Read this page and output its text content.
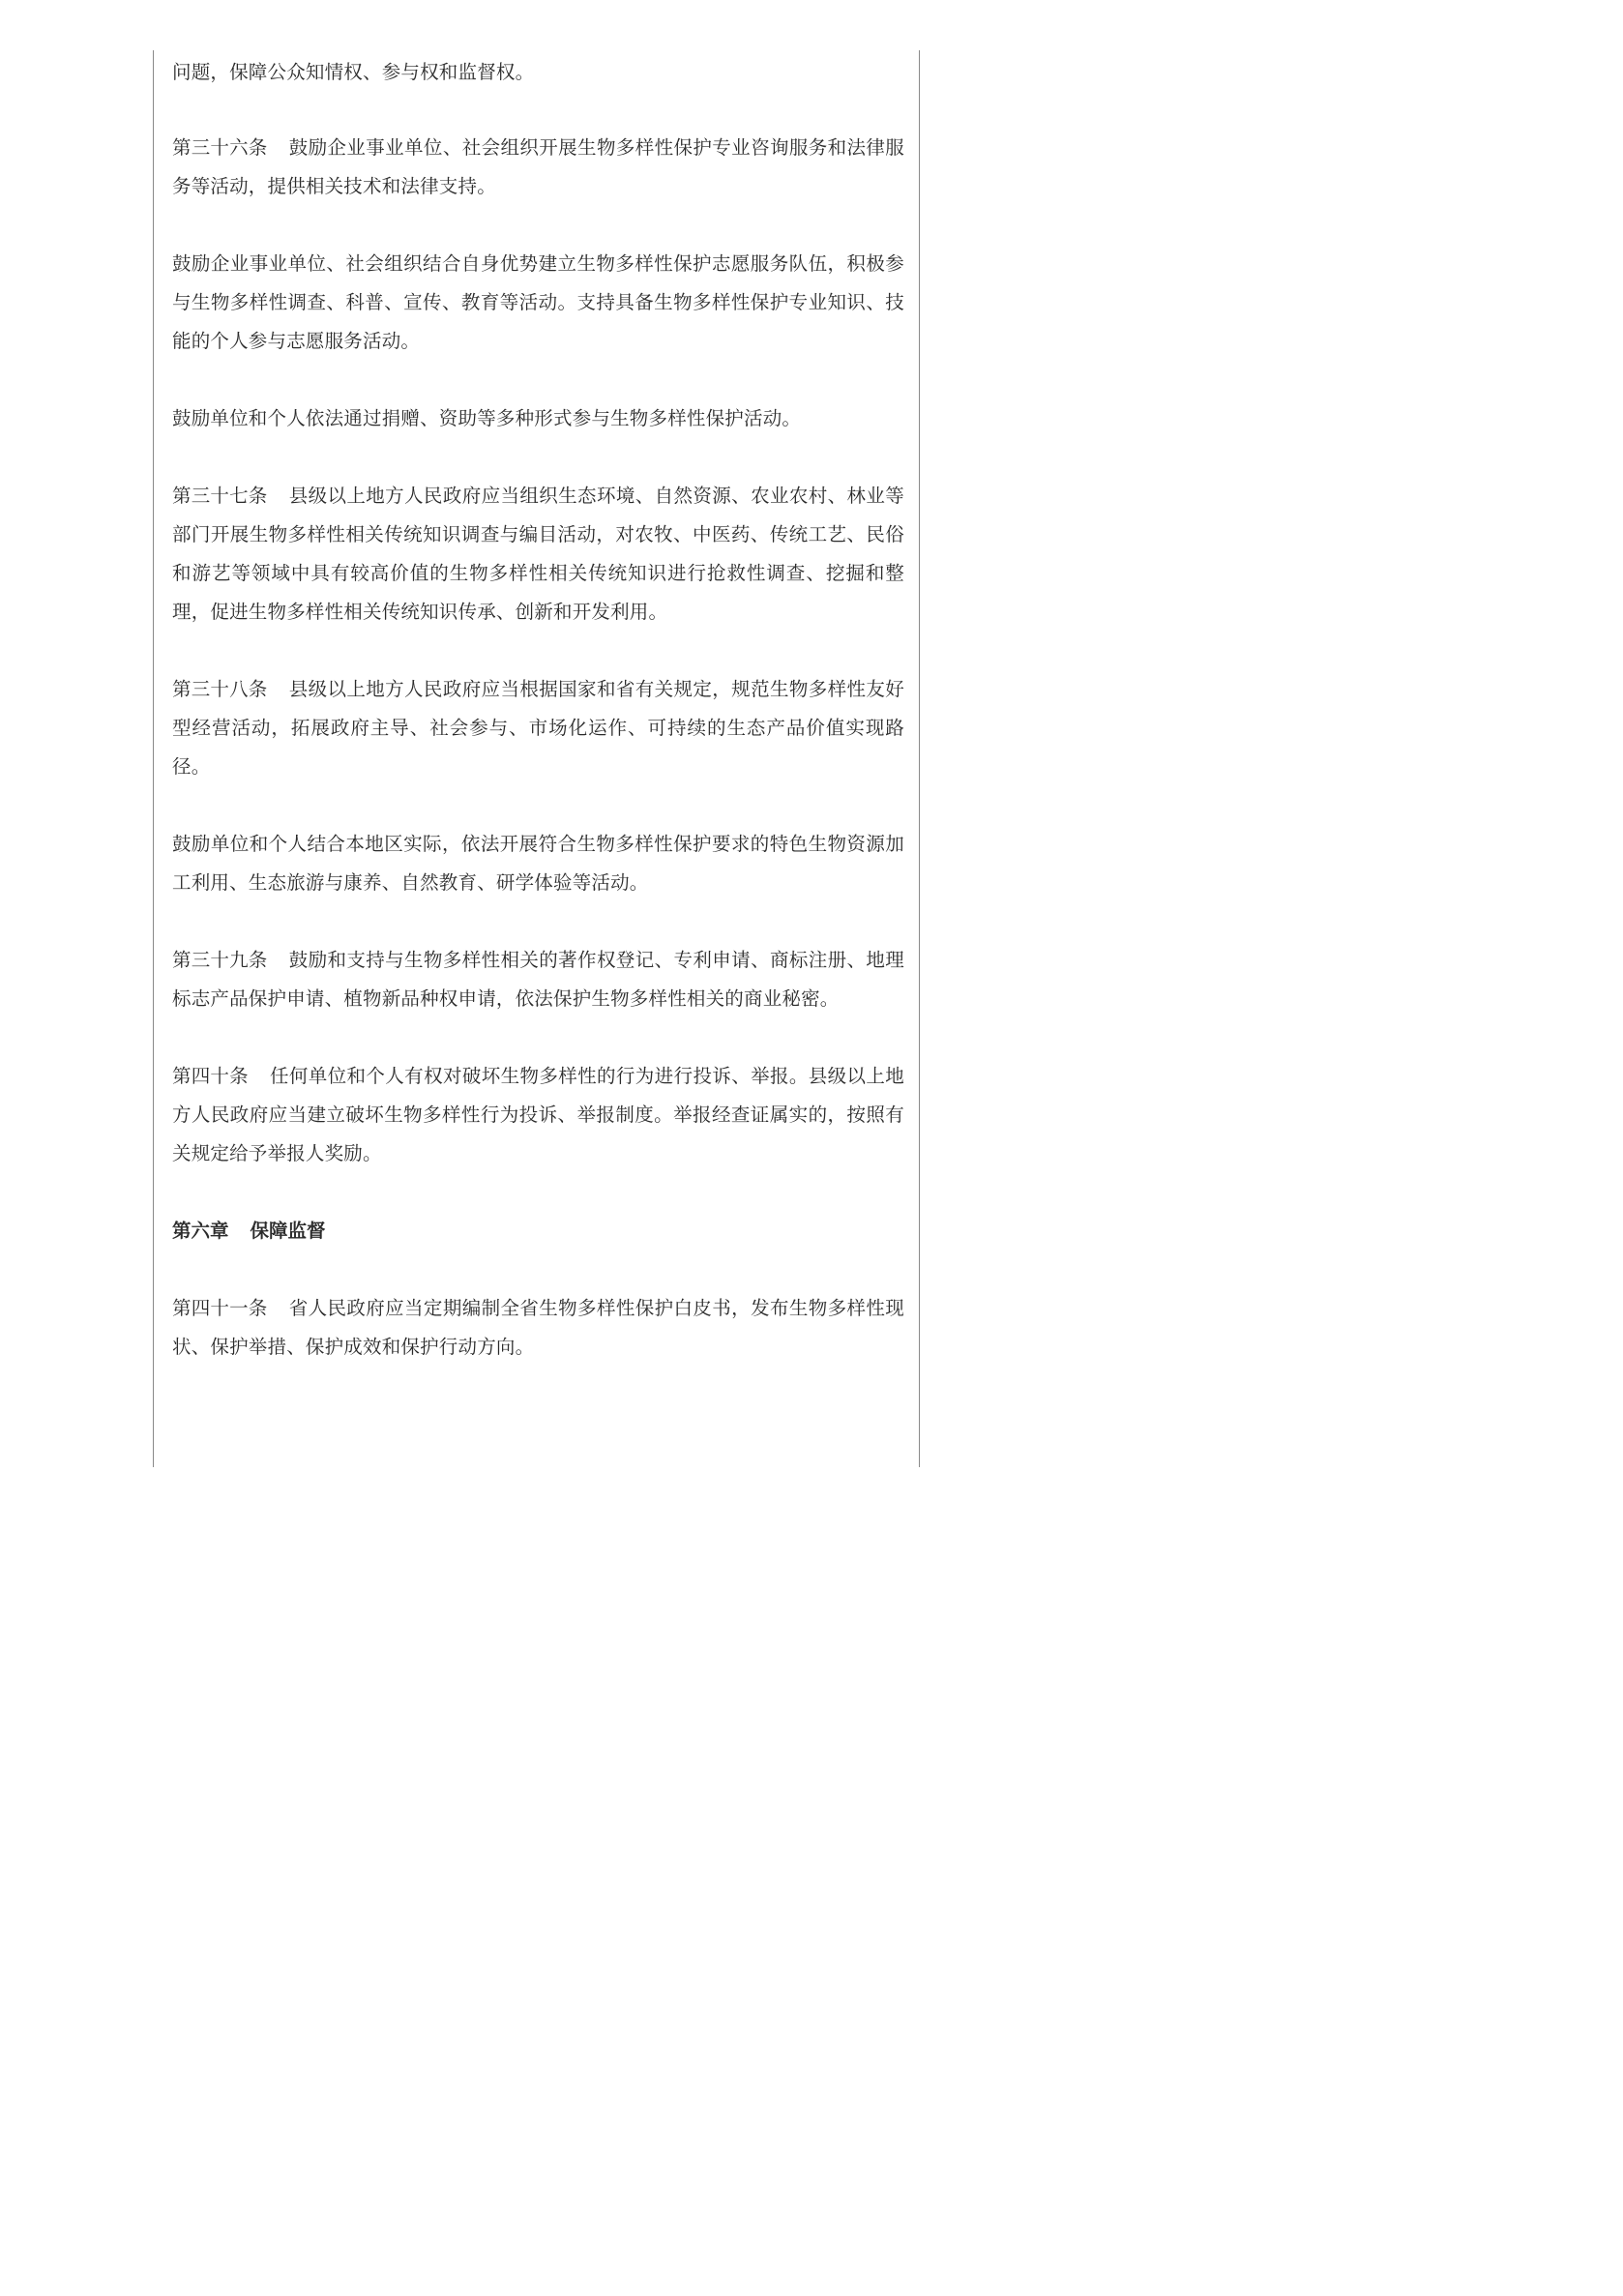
问题，保障公众知情权、参与权和监督权。

第三十六条 鼓励企业事业单位、社会组织开展生物多样性保护专业咨询服务和法律服务等活动，提供相关技术和法律支持。

鼓励企业事业单位、社会组织结合自身优势建立生物多样性保护志愿服务队伍，积极参与生物多样性调查、科普、宣传、教育等活动。支持具备生物多样性保护专业知识、技能的个人参与志愿服务活动。

鼓励单位和个人依法通过捐赠、资助等多种形式参与生物多样性保护活动。

第三十七条 县级以上地方人民政府应当组织生态环境、自然资源、农业农村、林业等部门开展生物多样性相关传统知识调查与编目活动，对农牧、中医药、传统工艺、民俗和游艺等领域中具有较高价值的生物多样性相关传统知识进行抢救性调查、挖掘和整理，促进生物多样性相关传统知识传承、创新和开发利用。

第三十八条 县级以上地方人民政府应当根据国家和省有关规定，规范生物多样性友好型经营活动，拓展政府主导、社会参与、市场化运作、可持续的生态产品价值实现路径。

鼓励单位和个人结合本地区实际，依法开展符合生物多样性保护要求的特色生物资源加工利用、生态旅游与康养、自然教育、研学体验等活动。

第三十九条 鼓励和支持与生物多样性相关的著作权登记、专利申请、商标注册、地理标志产品保护申请、植物新品种权申请，依法保护生物多样性相关的商业秘密。

第四十条 任何单位和个人有权对破坏生物多样性的行为进行投诉、举报。县级以上地方人民政府应当建立破坏生物多样性行为投诉、举报制度。举报经查证属实的，按照有关规定给予举报人奖励。

第六章 保障监督

第四十一条 省人民政府应当定期编制全省生物多样性保护白皮书，发布生物多样性现状、保护举措、保护成效和保护行动方向。
